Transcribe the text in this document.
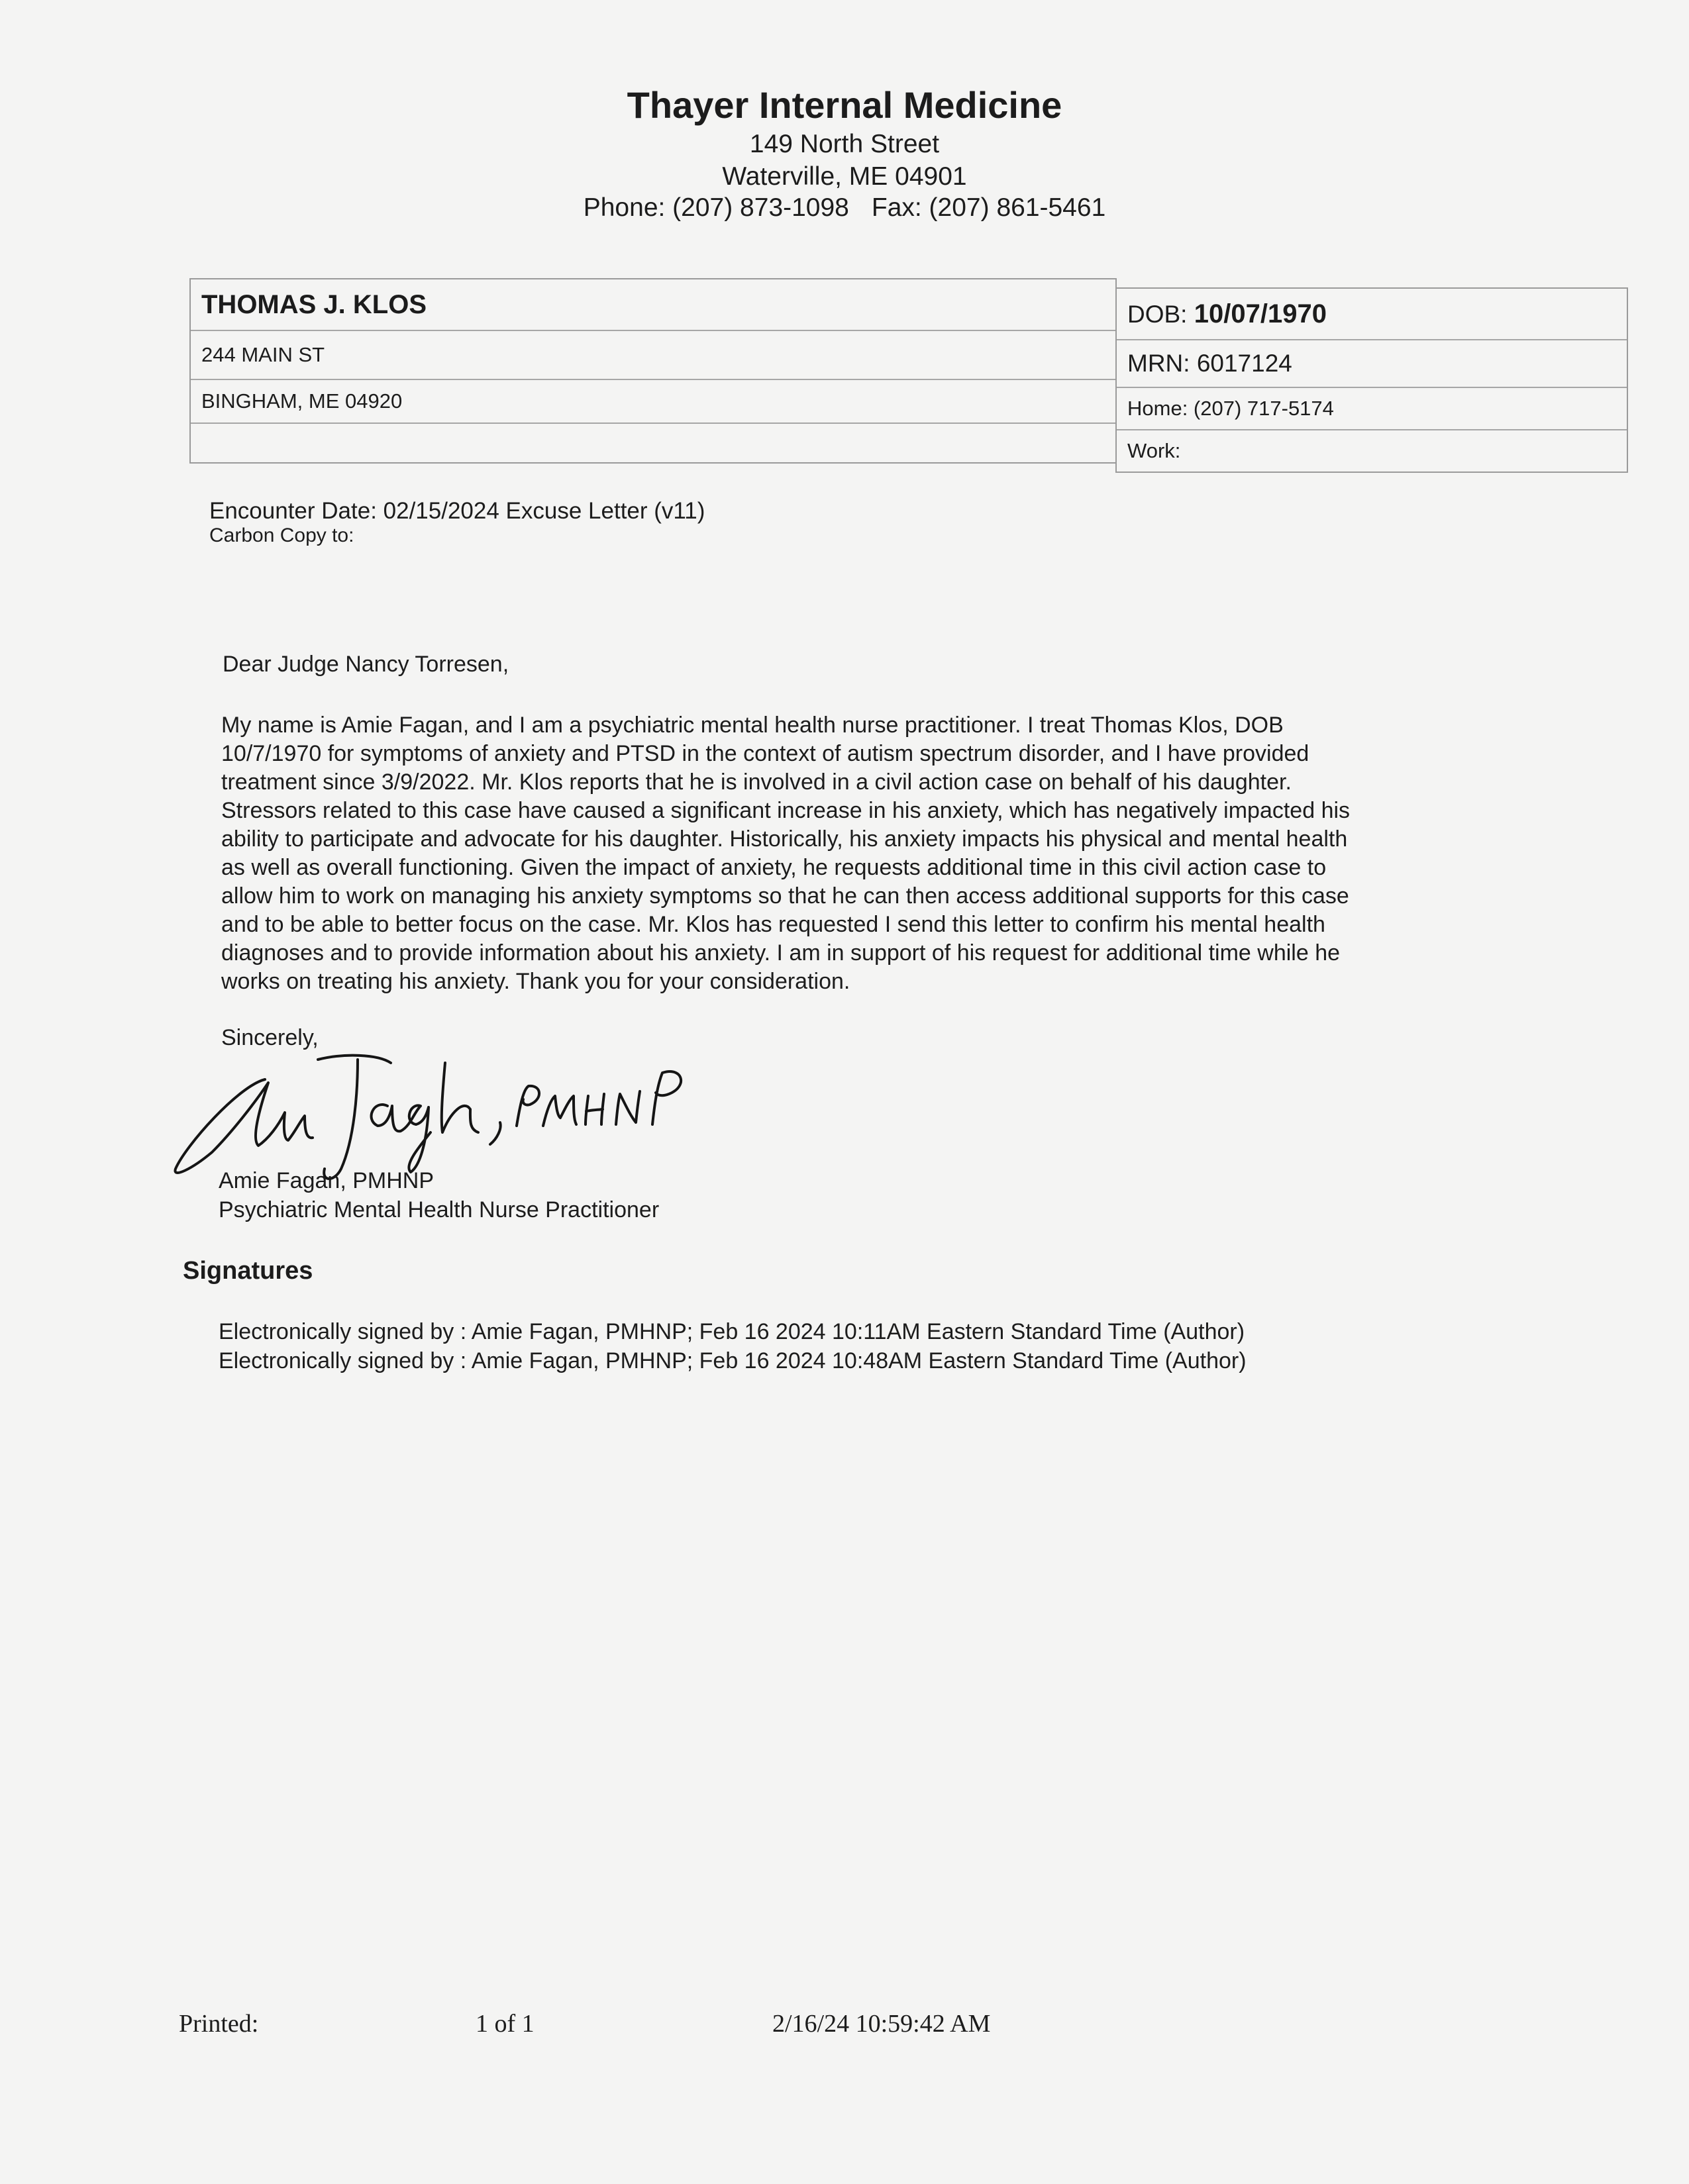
Thayer Internal Medicine
149 North Street
Waterville, ME 04901
Phone: (207) 873-1098 Fax: (207) 861-5461
THOMAS J. KLOS
244 MAIN ST
BINGHAM, ME 04920
DOB: 10/07/1970
MRN: 6017124
Home: (207) 717-5174
Work:
Encounter Date: 02/15/2024 Excuse Letter (v11)
Carbon Copy to:
Dear Judge Nancy Torresen,
My name is Amie Fagan, and I am a psychiatric mental health nurse practitioner. I treat Thomas Klos, DOB
10/7/1970 for symptoms of anxiety and PTSD in the context of autism spectrum disorder, and I have provided
treatment since 3/9/2022. Mr. Klos reports that he is involved in a civil action case on behalf of his daughter.
Stressors related to this case have caused a significant increase in his anxiety, which has negatively impacted his
ability to participate and advocate for his daughter. Historically, his anxiety impacts his physical and mental health
as well as overall functioning. Given the impact of anxiety, he requests additional time in this civil action case to
allow him to work on managing his anxiety symptoms so that he can then access additional supports for this case
and to be able to better focus on the case. Mr. Klos has requested I send this letter to confirm his mental health
diagnoses and to provide information about his anxiety. I am in support of his request for additional time while he
works on treating his anxiety. Thank you for your consideration.
Sincerely,
Amie Fagan, PMHNP
Psychiatric Mental Health Nurse Practitioner
Signatures
Electronically signed by : Amie Fagan, PMHNP; Feb 16 2024 10:11AM Eastern Standard Time (Author)
Electronically signed by : Amie Fagan, PMHNP; Feb 16 2024 10:48AM Eastern Standard Time (Author)
Printed:	1 of 1	2/16/24 10:59:42 AM
